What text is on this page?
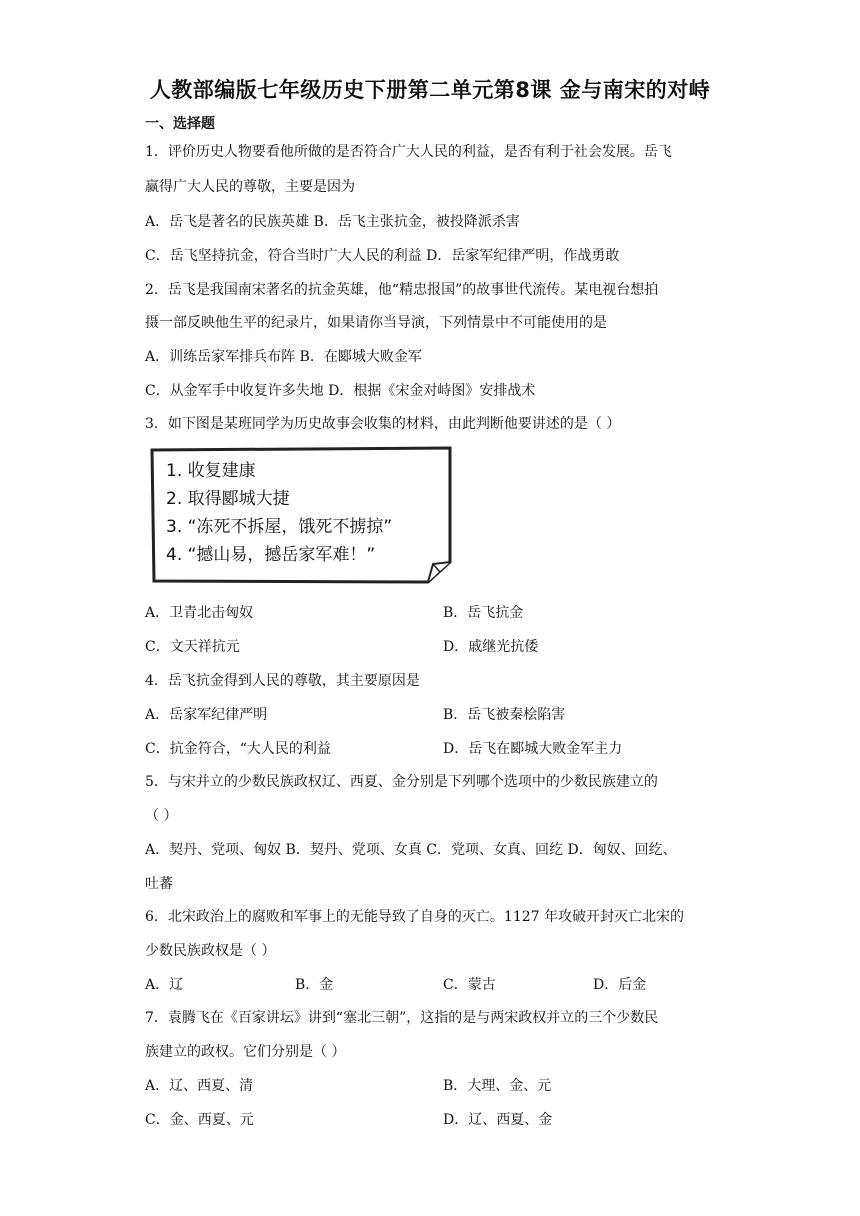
人教部编版七年级历史下册第二单元第8课 金与南宋的对峙
一、选择题
1．评价历史人物要看他所做的是否符合广大人民的利益，是否有利于社会发展。岳飞
赢得广大人民的尊敬，主要是因为
A．岳飞是著名的民族英雄 B．岳飞主张抗金，被投降派杀害
C．岳飞坚持抗金，符合当时广大人民的利益 D．岳家军纪律严明，作战勇敢
2．岳飞是我国南宋著名的抗金英雄，他“精忠报国”的故事世代流传。某电视台想拍
摄一部反映他生平的纪录片，如果请你当导演，下列情景中不可能使用的是
A．训练岳家军排兵布阵 B．在郾城大败金军
C．从金军手中收复许多失地 D．根据《宋金对峙图》安排战术
3．如下图是某班同学为历史故事会收集的材料，由此判断他要讲述的是（ ）
1. 收复建康
2. 取得郾城大捷
3. “冻死不拆屋，饿死不掳掠”
4. “撼山易，撼岳家军难！”
A．卫青北击匈奴	B．岳飞抗金
C．文天祥抗元	D．戚继光抗倭
4．岳飞抗金得到人民的尊敬，其主要原因是
A．岳家军纪律严明	B．岳飞被秦桧陷害
C．抗金符合，“大人民的利益	D．岳飞在郾城大败金军主力
5．与宋并立的少数民族政权辽、西夏、金分别是下列哪个选项中的少数民族建立的
（ ）
A．契丹、党项、匈奴 B．契丹、党项、女真 C．党项、女真、回纥 D．匈奴、回纥、
吐蕃
6．北宋政治上的腐败和军事上的无能导致了自身的灭亡。1127 年攻破开封灭亡北宋的
少数民族政权是（ ）
A．辽	B．金	C．蒙古	D．后金
7．袁腾飞在《百家讲坛》讲到“塞北三朝”，这指的是与两宋政权并立的三个少数民
族建立的政权。它们分别是（ ）
A．辽、西夏、清	B．大理、金、元
C．金、西夏、元	D．辽、西夏、金
